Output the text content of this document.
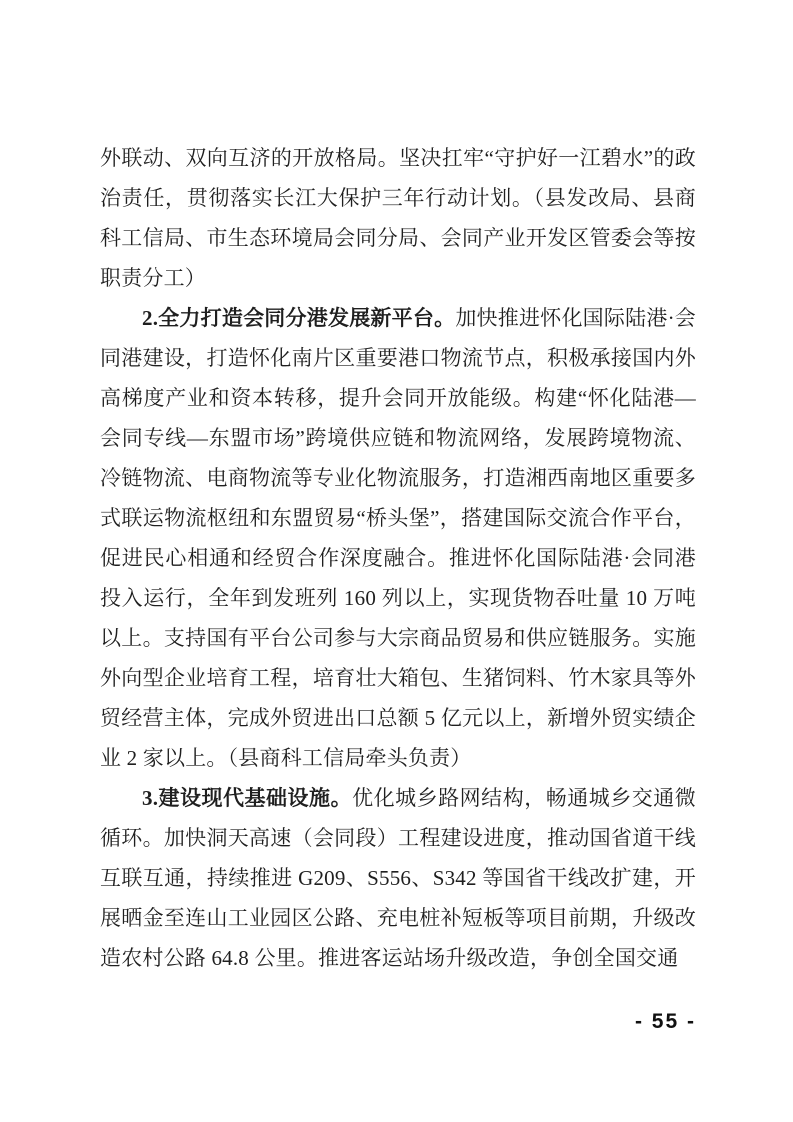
外联动、双向互济的开放格局。坚决扛牢“守护好一江碧水”的政治责任，贯彻落实长江大保护三年行动计划。（县发改局、县商科工信局、市生态环境局会同分局、会同产业开发区管委会等按职责分工）

2.全力打造会同分港发展新平台。加快推进怀化国际陆港·会同港建设，打造怀化南片区重要港口物流节点，积极承接国内外高梯度产业和资本转移，提升会同开放能级。构建“怀化陆港—会同专线—东盟市场”跨境供应链和物流网络，发展跨境物流、冷链物流、电商物流等专业化物流服务，打造湘西南地区重要多式联运物流枢纽和东盟贸易“桥头堡”，搭建国际交流合作平台，促进民心相通和经贸合作深度融合。推进怀化国际陆港·会同港投入运行，全年到发班列 160 列以上，实现货物吞吐量 10 万吨以上。支持国有平台公司参与大宗商品贸易和供应链服务。实施外向型企业培育工程，培育壮大箱包、生猪饲料、竹木家具等外贸经营主体，完成外贸进出口总额 5 亿元以上，新增外贸实绩企业 2 家以上。（县商科工信局牵头负责）

3.建设现代基础设施。优化城乡路网结构，畅通城乡交通微循环。加快洞天高速（会同段）工程建设进度，推动国省道干线互联互通，持续推进 G209、S556、S342 等国省干线改扩建，开展晒金至连山工业园区公路、充电桩补短板等项目前期，升级改造农村公路 64.8 公里。推进客运站场升级改造，争创全国交通

- 55 -
